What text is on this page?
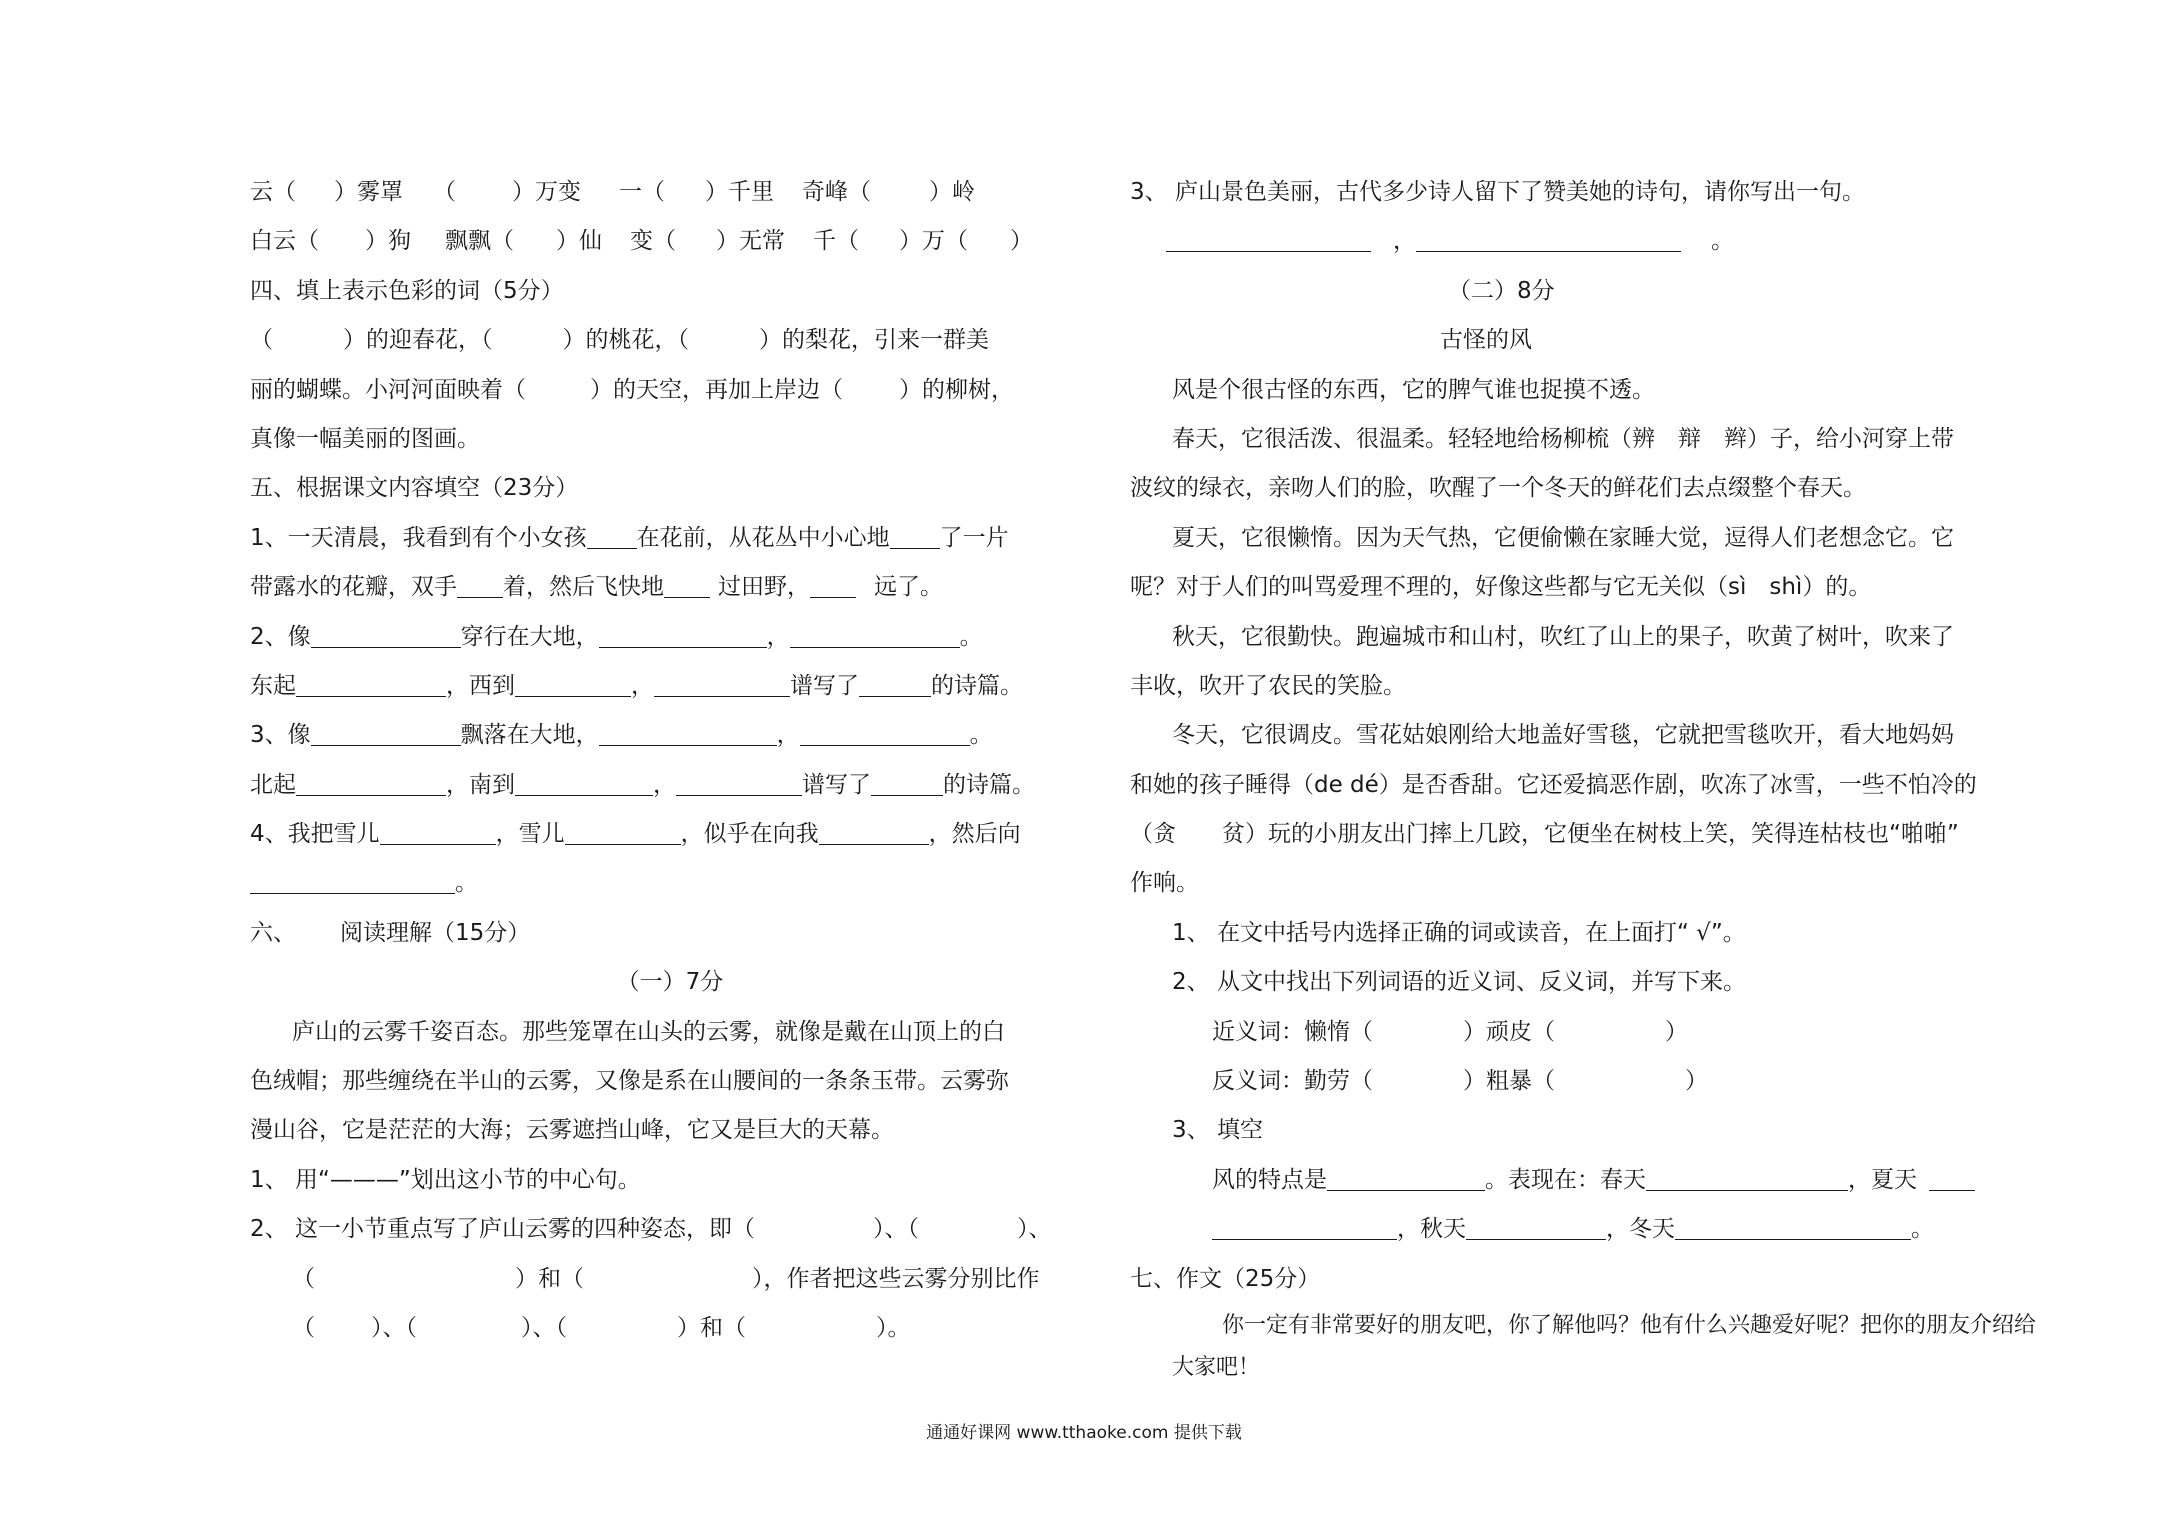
云（ ）雾罩 （ ）万变 一（ ）千里 奇峰（	）岭
白云（ ）狗 飘飘（ ）仙 变（ ）无常 千（ ）万（ ）
四、填上表示色彩的词（5分）
（	）的迎春花，（	）的桃花，（	）的梨花，引来一群美
丽的蝴蝶。小河河面映着（	）的天空，再加上岸边（ ）的柳树，
真像一幅美丽的图画。
五、根据课文内容填空（23分）
1、一天清晨，我看到有个小女孩 在花前，从花丛中小心地 了一片
带露水的花瓣，双手 着，然后飞快地 过田野，	远了。
2、像	穿行在大地，	，	。
东起	，西到	，	谱写了	的诗篇。
3、像	飘落在大地，	，	。
北起	，南到	，	谱写了	的诗篇。
4、我把雪儿	，雪儿	，似乎在向我	，然后向
。
六、 阅读理解（15分）
（一）7分
庐山的云雾千姿百态。那些笼罩在山头的云雾，就像是戴在山顶上的白
色绒帽；那些缠绕在半山的云雾，又像是系在山腰间的一条条玉带。云雾弥
漫山谷，它是茫茫的大海；云雾遮挡山峰，它又是巨大的天幕。
1、 用“———”划出这小节的中心句。
2、 这一小节重点写了庐山云雾的四种姿态，即（	）、（	）、
（	）和（	），作者把这些云雾分别比作
（ ）、（	）、（	）和（	）。
3、 庐山景色美丽，古代多少诗人留下了赞美她的诗句，请你写出一句。
，	。
（二）8分
古怪的风
风是个很古怪的东西，它的脾气谁也捉摸不透。
春天，它很活泼、很温柔。轻轻地给杨柳梳（辨　辩　辫）子，给小河穿上带
波纹的绿衣，亲吻人们的脸，吹醒了一个冬天的鲜花们去点缀整个春天。
夏天，它很懒惰。因为天气热，它便偷懒在家睡大觉，逗得人们老想念它。它
呢？对于人们的叫骂爱理不理的，好像这些都与它无关似（sì　shì）的。
秋天，它很勤快。跑遍城市和山村，吹红了山上的果子，吹黄了树叶，吹来了
丰收，吹开了农民的笑脸。
冬天，它很调皮。雪花姑娘刚给大地盖好雪毯，它就把雪毯吹开，看大地妈妈
和她的孩子睡得（de dé）是否香甜。它还爱搞恶作剧，吹冻了冰雪，一些不怕冷的
（贪　　贫）玩的小朋友出门摔上几跤，它便坐在树枝上笑，笑得连枯枝也“啪啪”
作响。
1、 在文中括号内选择正确的词或读音，在上面打“ √”。
2、 从文中找出下列词语的近义词、反义词，并写下来。
近义词：懒惰（	）顽皮（	）
反义词：勤劳（	）粗暴（	）
3、 填空
风的特点是	。表现在：春天	，夏天
，秋天	，冬天	。
七、作文（25分）
你一定有非常要好的朋友吧，你了解他吗？他有什么兴趣爱好呢？把你的朋友介绍给
大家吧！
通通好课网 www.tthaoke.com 提供下载
